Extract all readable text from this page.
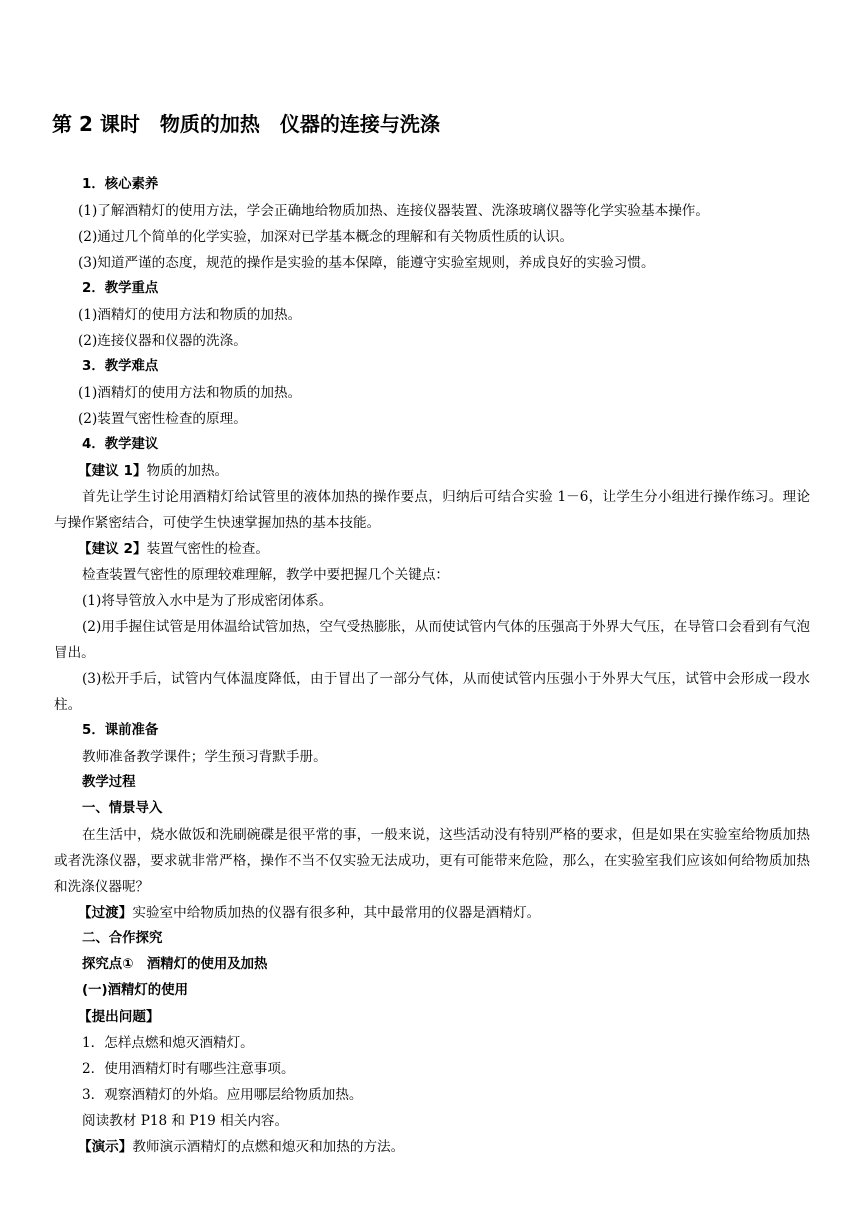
第 2 课时　物质的加热　仪器的连接与洗涤

1．核心素养

(1)了解酒精灯的使用方法，学会正确地给物质加热、连接仪器装置、洗涤玻璃仪器等化学实验基本操作。

(2)通过几个简单的化学实验，加深对已学基本概念的理解和有关物质性质的认识。

(3)知道严谨的态度，规范的操作是实验的基本保障，能遵守实验室规则，养成良好的实验习惯。

2．教学重点

(1)酒精灯的使用方法和物质的加热。

(2)连接仪器和仪器的洗涤。

3．教学难点

(1)酒精灯的使用方法和物质的加热。

(2)装置气密性检查的原理。

4．教学建议

【建议 1】物质的加热。

首先让学生讨论用酒精灯给试管里的液体加热的操作要点，归纳后可结合实验 1－6，让学生分小组进行操作练习。理论与操作紧密结合，可使学生快速掌握加热的基本技能。

【建议 2】装置气密性的检查。

检查装置气密性的原理较难理解，教学中要把握几个关键点：

(1)将导管放入水中是为了形成密闭体系。

(2)用手握住试管是用体温给试管加热，空气受热膨胀，从而使试管内气体的压强高于外界大气压，在导管口会看到有气泡冒出。

(3)松开手后，试管内气体温度降低，由于冒出了一部分气体，从而使试管内压强小于外界大气压，试管中会形成一段水柱。

5．课前准备

教师准备教学课件；学生预习背默手册。

教学过程

一、情景导入

在生活中，烧水做饭和洗刷碗碟是很平常的事，一般来说，这些活动没有特别严格的要求，但是如果在实验室给物质加热或者洗涤仪器，要求就非常严格，操作不当不仅实验无法成功，更有可能带来危险，那么，在实验室我们应该如何给物质加热和洗涤仪器呢？

【过渡】实验室中给物质加热的仪器有很多种，其中最常用的仪器是酒精灯。

二、合作探究

探究点①　酒精灯的使用及加热

(一)酒精灯的使用

【提出问题】

1．怎样点燃和熄灭酒精灯。

2．使用酒精灯时有哪些注意事项。

3．观察酒精灯的外焰。应用哪层给物质加热。

阅读教材 P18 和 P19 相关内容。

【演示】教师演示酒精灯的点燃和熄灭和加热的方法。
